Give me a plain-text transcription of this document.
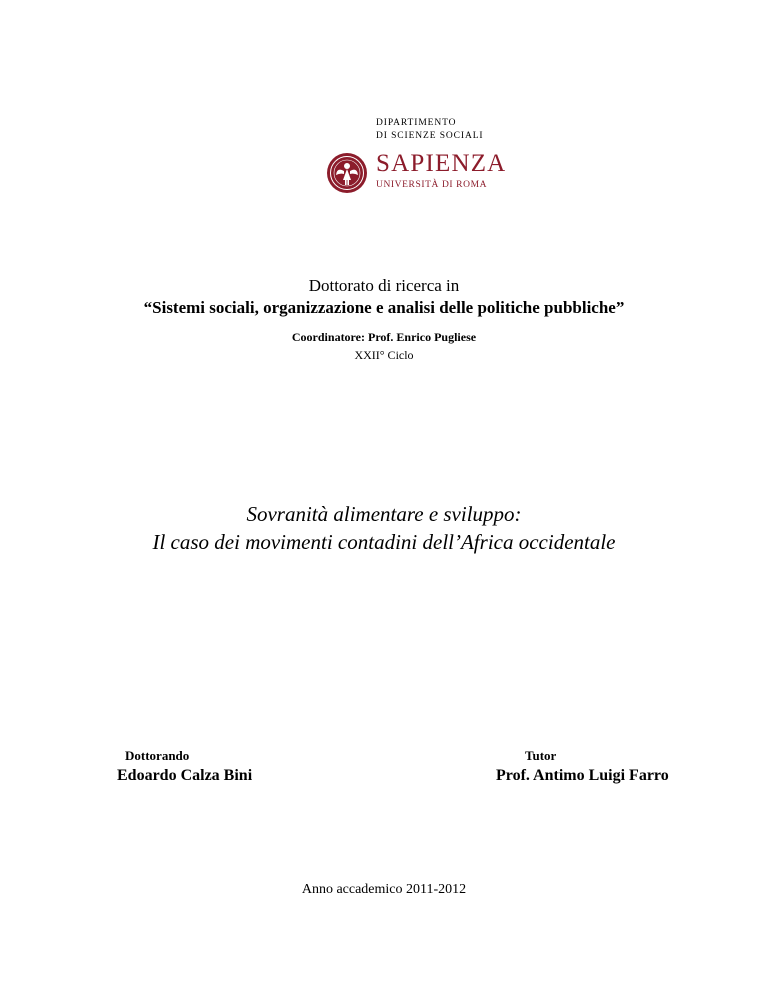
DIPARTIMENTO
DI SCIENZE SOCIALI
SAPIENZA
UNIVERSITÀ DI ROMA
Dottorato di ricerca in
“Sistemi sociali, organizzazione e analisi delle politiche pubbliche”
Coordinatore: Prof. Enrico Pugliese
XXII° Ciclo
Sovranità alimentare e sviluppo:
Il caso dei movimenti contadini dell’Africa occidentale
Dottorando
Edoardo Calza Bini
Tutor
Prof. Antimo Luigi Farro
Anno accademico 2011-2012
